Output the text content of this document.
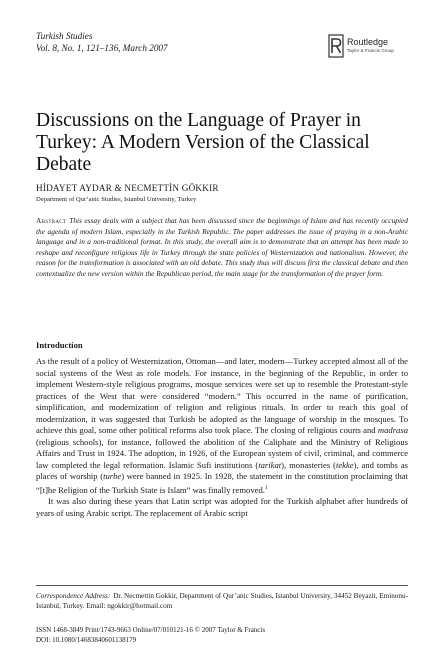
Turkish Studies
Vol. 8, No. 1, 121–136, March 2007
Routledge
Taylor & Francis Group
Discussions on the Language of Prayer in Turkey: A Modern Version of the Classical Debate
HİDAYET AYDAR & NECMETTİN GÖKKIR
Department of Qur’anic Studies, Istanbul University, Turkey
Abstract This essay deals with a subject that has been discussed since the beginnings of Islam and has recently occupied the agenda of modern Islam, especially in the Turkish Republic. The paper addresses the issue of praying in a non-Arabic language and in a non-traditional format. In this study, the overall aim is to demonstrate that an attempt has been made to reshape and reconfigure religious life in Turkey through the state policies of Westernization and nationalism. However, the reason for the transformation is associated with an old debate. This study thus will discuss first the classical debate and then contextualize the new version within the Republican period, the main stage for the transformation of the prayer form.
Introduction

As the result of a policy of Westernization, Ottoman—and later, modern—Turkey accepted almost all of the social systems of the West as role models. For instance, in the beginning of the Republic, in order to implement Western-style religious programs, mosque services were set up to resemble the Protestant-style practices of the West that were considered “modern.” This occurred in the name of purification, simplification, and modernization of religion and religious rituals. In order to reach this goal of modernization, it was suggested that Turkish be adopted as the language of worship in the mosques. To achieve this goal, some other political reforms also took place. The closing of religious courts and madrasa (religious schools), for instance, followed the abolition of the Caliphate and the Ministry of Religious Affairs and Trust in 1924. The adoption, in 1926, of the European system of civil, criminal, and commerce law completed the legal reformation. Islamic Sufi institutions (tarikat), monasteries (tekke), and tombs as places of worship (turbe) were banned in 1925. In 1928, the statement in the constitution proclaiming that “[t]he Religion of the Turkish State is Islam” was finally removed.$^1$

It was also during these years that Latin script was adopted for the Turkish alphabet after hundreds of years of using Arabic script. The replacement of Arabic script

Correspondence Address: Dr. Necmettin Gokkir, Department of Qur’anic Studies, Istanbul University, 34452 Beyazit, Eminonu-Istanbul, Turkey. Email: ngokkir@hotmail.com
ISSN 1468-3849 Print/1743-9663 Online/07/010121-16 © 2007 Taylor & Francis
DOI: 10.1080/14683840601138179
